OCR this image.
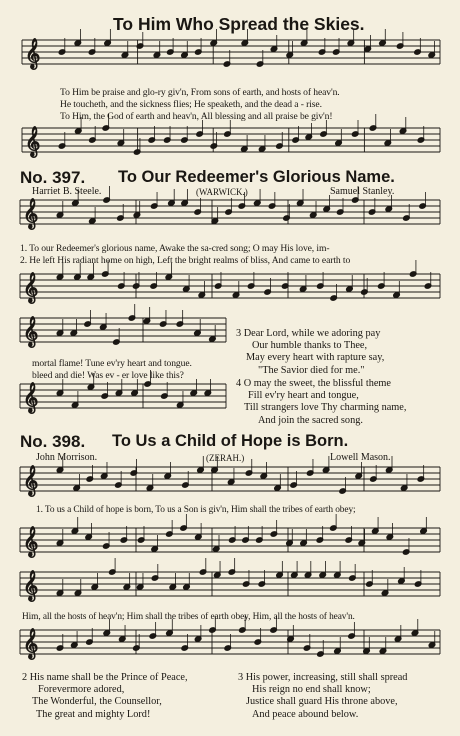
𝄞
𝄞
𝄞
𝄞
𝄞
𝄞
𝄞
𝄞
𝄞
𝄞
To Him Who Spread the Skies.
To Him be praise and glo-ry giv'n, From sons of earth, and hosts of heav'n.
He toucheth, and the sickness flies; He speaketh, and the dead a - rise.
To Him, the God of earth and heav'n, All blessing and all praise be giv'n!
No. 397. To Our Redeemer's Glorious Name.
Harriet B. Steele.	(WARWICK.)	Samuel Stanley.
1. To our Redeemer's glorious name, Awake the sa-cred song; O may His love, im-
2. He left His radiant home on high, Left the bright realms of bliss, And came to earth to
mortal flame! Tune ev'ry heart and tongue.
bleed and die! Was ev - er love like this?
3 Dear Lord, while we adoring pay
Our humble thanks to Thee,
May every heart with rapture say,
"The Savior died for me."
4 O may the sweet, the blissful theme
Fill ev'ry heart and tongue,
Till strangers love Thy charming name,
And join the sacred song.
No. 398. To Us a Child of Hope is Born.
John Morrison.	(ZERAH.)	Lowell Mason.
1. To us a Child of hope is born, To us a Son is giv'n, Him shall the tribes of earth obey;
Him, all the hosts of heav'n; Him shall the tribes of earth obey, Him, all the hosts of heav'n.
2 His name shall be the Prince of Peace,
Forevermore adored,
The Wonderful, the Counsellor,
The great and mighty Lord!
3 His power, increasing, still shall spread
His reign no end shall know;
Justice shall guard His throne above,
And peace abound below.
